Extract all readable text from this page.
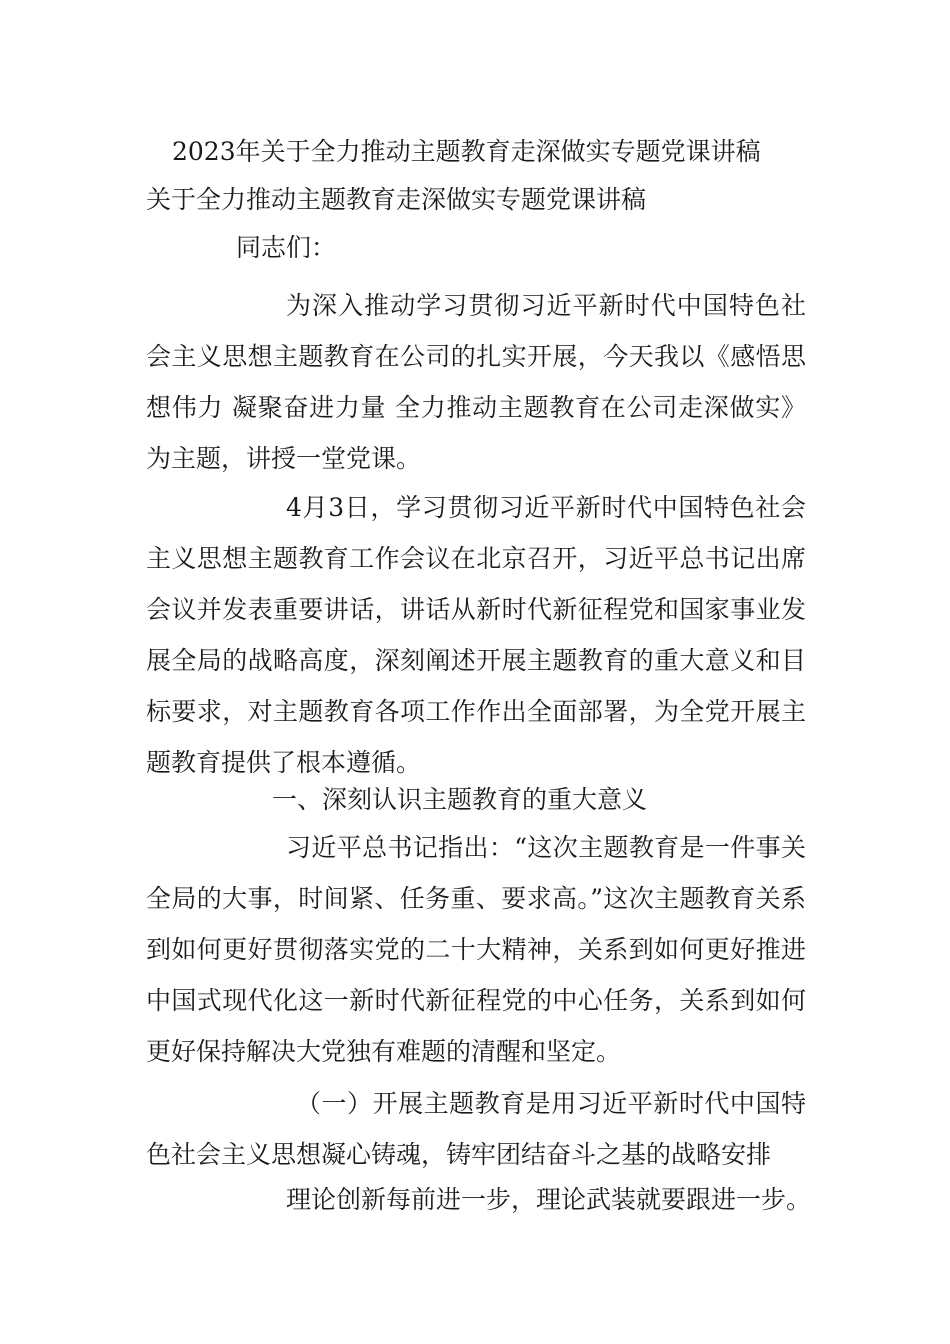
2023年关于全力推动主题教育走深做实专题党课讲稿
关于全力推动主题教育走深做实专题党课讲稿
同志们：

为深入推动学习贯彻习近平新时代中国特色社会主义思想主题教育在公司的扎实开展，今天我以《感悟思想伟力 凝聚奋进力量 全力推动主题教育在公司走深做实》为主题，讲授一堂党课。

4月3日，学习贯彻习近平新时代中国特色社会主义思想主题教育工作会议在北京召开，习近平总书记出席会议并发表重要讲话，讲话从新时代新征程党和国家事业发展全局的战略高度，深刻阐述开展主题教育的重大意义和目标要求，对主题教育各项工作作出全面部署，为全党开展主题教育提供了根本遵循。

一、深刻认识主题教育的重大意义

习近平总书记指出：“这次主题教育是一件事关全局的大事，时间紧、任务重、要求高。”这次主题教育关系到如何更好贯彻落实党的二十大精神，关系到如何更好推进中国式现代化这一新时代新征程党的中心任务，关系到如何更好保持解决大党独有难题的清醒和坚定。

（一）开展主题教育是用习近平新时代中国特色社会主义思想凝心铸魂，铸牢团结奋斗之基的战略安排

理论创新每前进一步，理论武装就要跟进一步。
